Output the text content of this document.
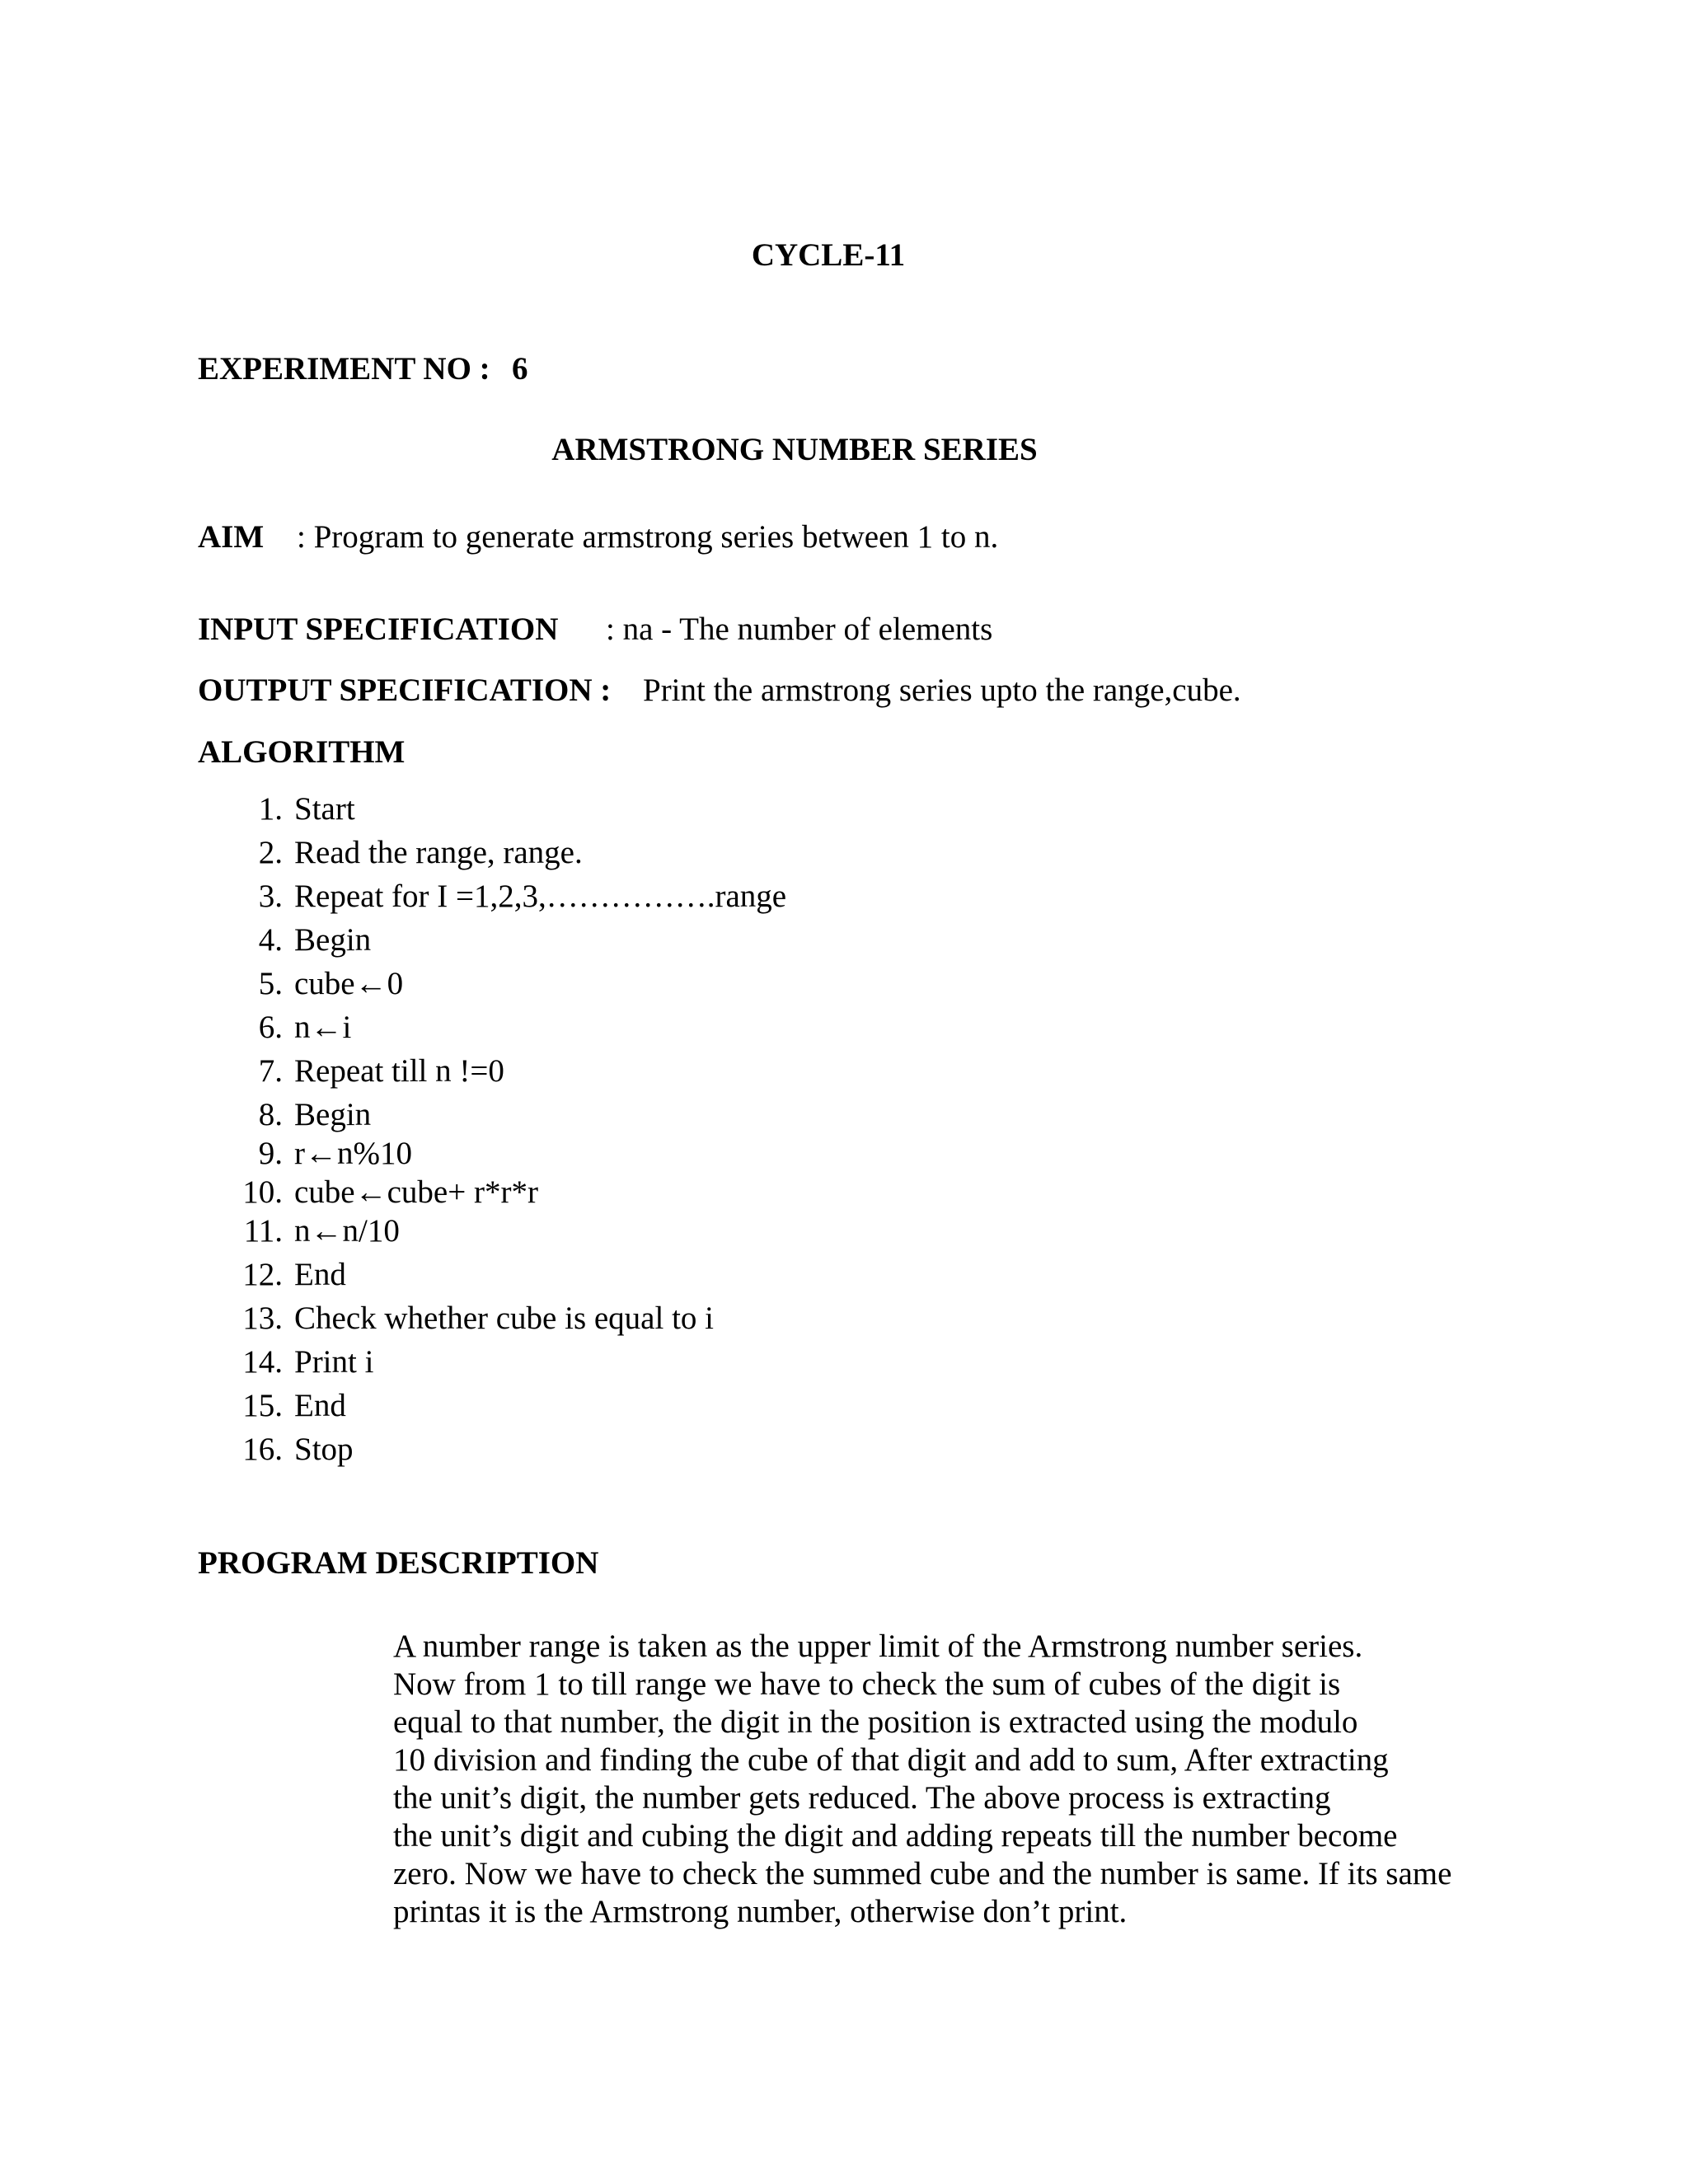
CYCLE-11
EXPERIMENT NO : 6
ARMSTRONG NUMBER SERIES
AIM : Program to generate armstrong series between 1 to n.
INPUT SPECIFICATION : na - The number of elements
OUTPUT SPECIFICATION : Print the armstrong series upto the range,cube.
ALGORITHM
1. Start
2. Read the range, range.
3. Repeat for I =1,2,3,…………….range
4. Begin
5. cube←0
6. n←i
7. Repeat till n !=0
8. Begin
9. r←n%10
10. cube←cube+ r*r*r
11. n←n/10
12. End
13. Check whether cube is equal to i
14. Print i
15. End
16. Stop
PROGRAM DESCRIPTION
A number range is taken as the upper limit of the Armstrong number series.
Now from 1 to till range we have to check the sum of cubes of the digit is
equal to that number, the digit in the position is extracted using the modulo
10 division and finding the cube of that digit and add to sum, After extracting
the unit’s digit, the number gets reduced. The above process is extracting
the unit’s digit and cubing the digit and adding repeats till the number become
zero. Now we have to check the summed cube and the number is same. If its same
printas it is the Armstrong number, otherwise don’t print.
